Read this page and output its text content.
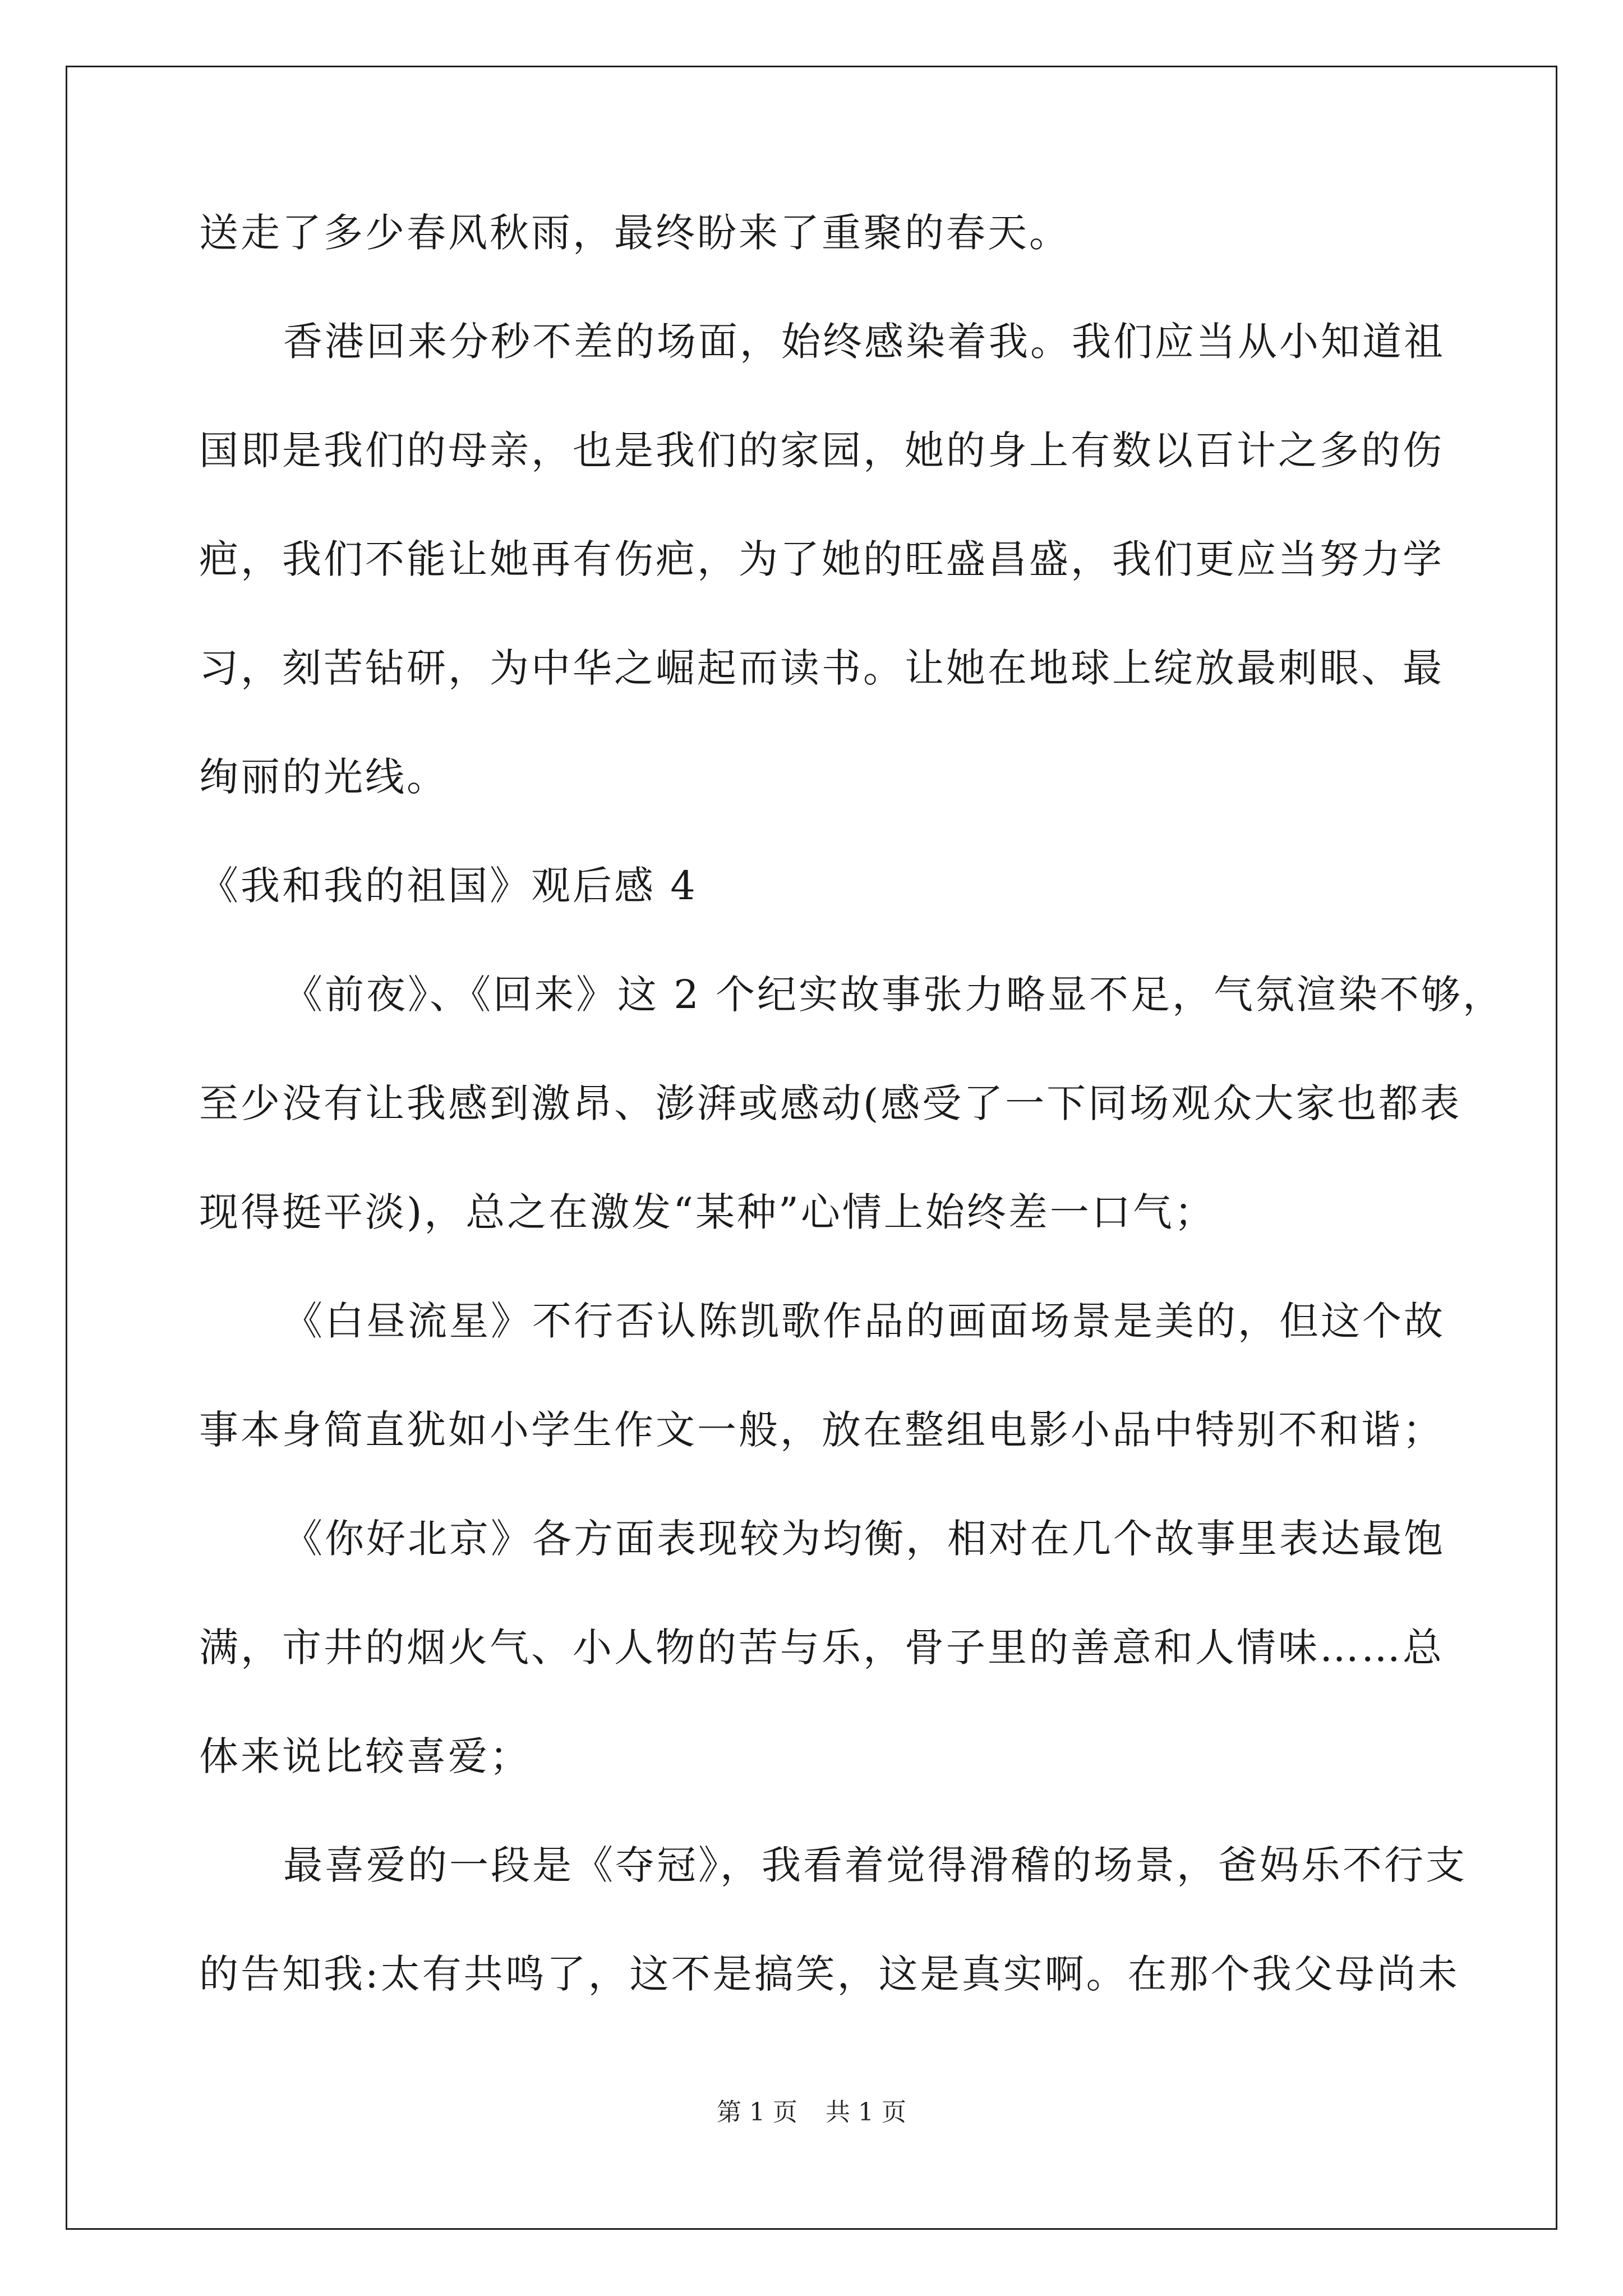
送走了多少春风秋雨，最终盼来了重聚的春天。
香港回来分秒不差的场面，始终感染着我。我们应当从小知道祖
国即是我们的母亲，也是我们的家园，她的身上有数以百计之多的伤
疤，我们不能让她再有伤疤，为了她的旺盛昌盛，我们更应当努力学
习，刻苦钻研，为中华之崛起而读书。让她在地球上绽放最刺眼、最
绚丽的光线。
《我和我的祖国》观后感 4
《前夜》、《回来》这 2 个纪实故事张力略显不足，气氛渲染不够，
至少没有让我感到激昂、澎湃或感动(感受了一下同场观众大家也都表
现得挺平淡)，总之在激发“某种”心情上始终差一口气；
《白昼流星》不行否认陈凯歌作品的画面场景是美的，但这个故
事本身简直犹如小学生作文一般，放在整组电影小品中特别不和谐；
《你好北京》各方面表现较为均衡，相对在几个故事里表达最饱
满，市井的烟火气、小人物的苦与乐，骨子里的善意和人情味……总
体来说比较喜爱；
最喜爱的一段是《夺冠》，我看着觉得滑稽的场景，爸妈乐不行支
的告知我:太有共鸣了，这不是搞笑，这是真实啊。在那个我父母尚未
第 1 页 共 1 页
